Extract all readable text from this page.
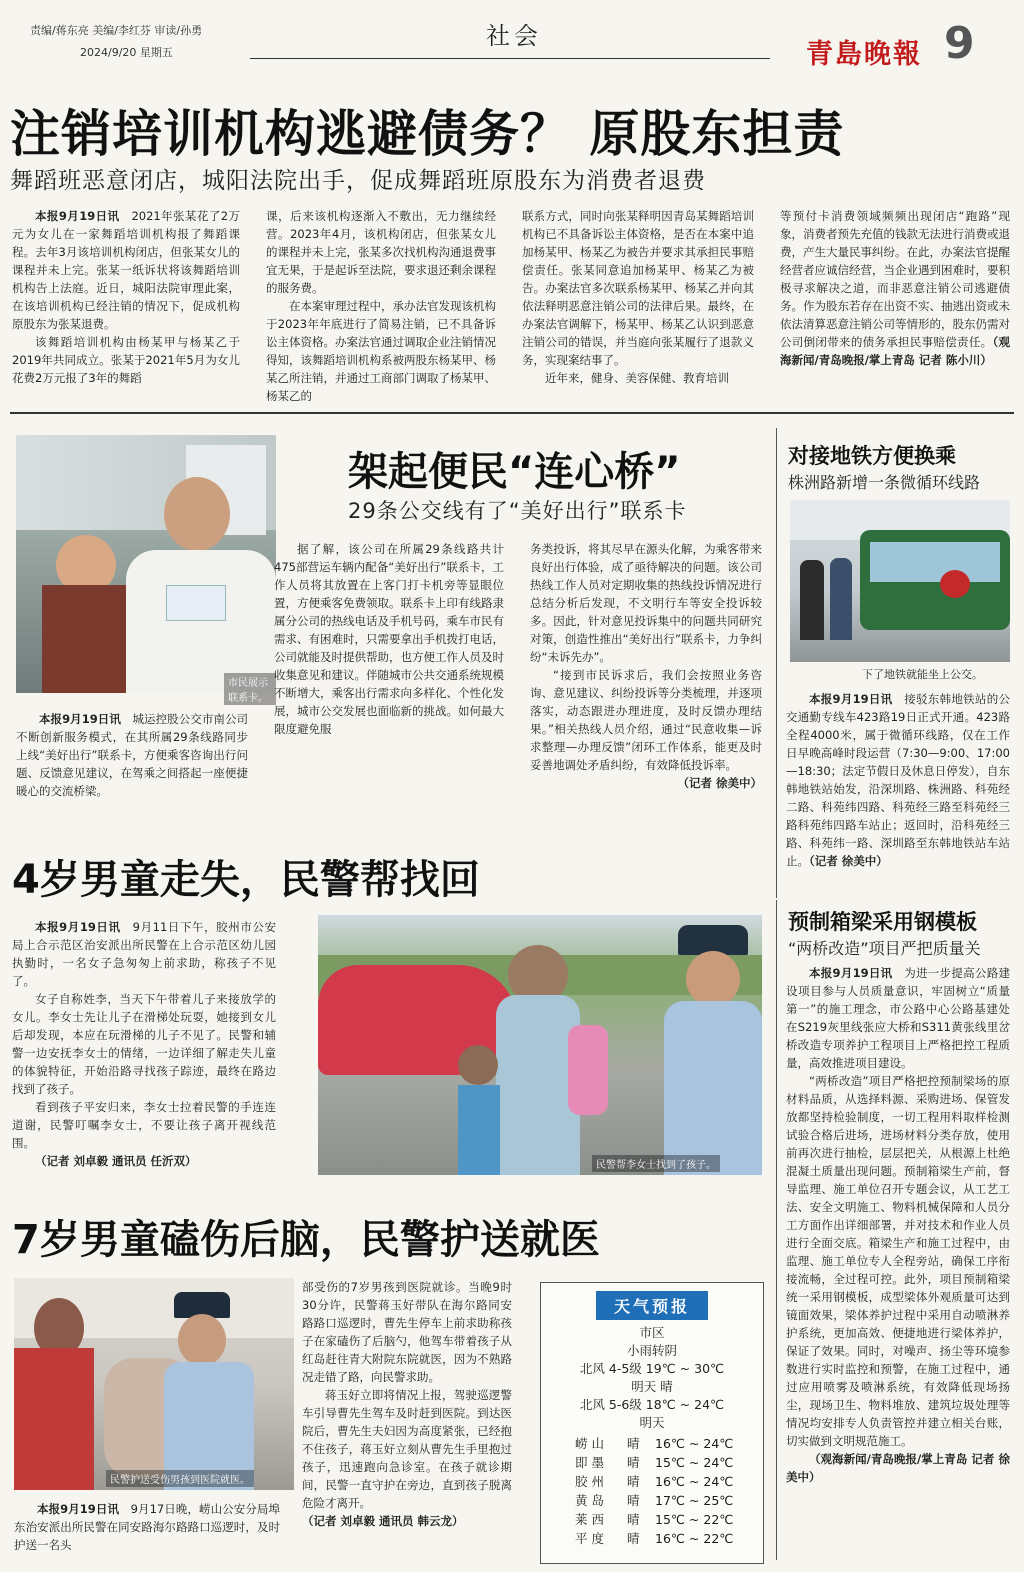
责编/蒋东亮 美编/李红芬 审读/孙勇
2024/9/20 星期五
社会
青島晚報 9
注销培训机构逃避债务？ 原股东担责
舞蹈班恶意闭店，城阳法院出手，促成舞蹈班原股东为消费者退费

本报9月19日讯　 2021年张某花了2万元为女儿在一家舞蹈培训机构报了舞蹈课程。去年3月该培训机构闭店，但张某女儿的课程并未上完。张某一纸诉状将该舞蹈培训机构告上法庭。近日，城阳法院审理此案，在该培训机构已经注销的情况下，促成机构原股东为张某退费。

该舞蹈培训机构由杨某甲与杨某乙于2019年共同成立。张某于2021年5月为女儿花费2万元报了3年的舞蹈

课，后来该机构逐渐入不敷出，无力继续经营。2023年4月，该机构闭店，但张某女儿的课程并未上完，张某多次找机构沟通退费事宜无果，于是起诉至法院，要求退还剩余课程的服务费。

在本案审理过程中，承办法官发现该机构于2023年年底进行了简易注销，已不具备诉讼主体资格。办案法官通过调取企业注销情况得知，该舞蹈培训机构系被两股东杨某甲、杨某乙所注销，并通过工商部门调取了杨某甲、杨某乙的

联系方式，同时向张某释明因青岛某舞蹈培训机构已不具备诉讼主体资格，是否在本案中追加杨某甲、杨某乙为被告并要求其承担民事赔偿责任。张某同意追加杨某甲、杨某乙为被告。办案法官多次联系杨某甲、杨某乙并向其依法释明恶意注销公司的法律后果。最终，在办案法官调解下，杨某甲、杨某乙认识到恶意注销公司的错误，并当庭向张某履行了退款义务，实现案结事了。

近年来，健身、美容保健、教育培训

等预付卡消费领域频频出现闭店“跑路”现象，消费者预先充值的钱款无法进行消费或退费，产生大量民事纠纷。在此，办案法官提醒经营者应诚信经营，当企业遇到困难时，要积极寻求解决之道，而非恶意注销公司逃避债务。作为股东若存在出资不实、抽逃出资或未依法清算恶意注销公司等情形的，股东仍需对公司倒闭带来的债务承担民事赔偿责任。（观海新闻/青岛晚报/掌上青岛 记者 陈小川）

市民展示联系卡。
架起便民“连心桥”
29条公交线有了“美好出行”联系卡

本报9月19日讯　 城运控股公交市南公司不断创新服务模式，在其所属29条线路同步上线“美好出行”联系卡，方便乘客咨询出行问题、反馈意见建议，在驾乘之间搭起一座便捷暖心的交流桥梁。

据了解，该公司在所属29条线路共计475部营运车辆内配备“美好出行”联系卡，工作人员将其放置在上客门打卡机旁等显眼位置，方便乘客免费领取。联系卡上印有线路隶属分公司的热线电话及手机号码，乘车市民有需求、有困难时，只需要拿出手机拨打电话，公司就能及时提供帮助，也方便工作人员及时收集意见和建议。伴随城市公共交通系统规模不断增大，乘客出行需求向多样化、个性化发展，城市公交发展也面临新的挑战。如何最大限度避免服

务类投诉，将其尽早在源头化解，为乘客带来良好出行体验，成了亟待解决的问题。该公司热线工作人员对定期收集的热线投诉情况进行总结分析后发现，不文明行车等安全投诉较多。因此，针对意见投诉集中的问题共同研究对策，创造性推出“美好出行”联系卡，力争纠纷“未诉先办”。

“接到市民诉求后，我们会按照业务咨询、意见建议、纠纷投诉等分类梳理，并逐项落实，动态跟进办理进度，及时反馈办理结果。”相关热线人员介绍，通过“民意收集—诉求整理—办理反馈”闭环工作体系，能更及时妥善地调处矛盾纠纷，有效降低投诉率。

（记者 徐美中）

对接地铁方便换乘
株洲路新增一条微循环线路
下了地铁就能坐上公交。

本报9月19日讯　 接驳东韩地铁站的公交通勤专线车423路19日正式开通。423路全程4000米，属于微循环线路，仅在工作日早晚高峰时段运营（7:30—9:00、17:00—18:30；法定节假日及休息日停发），自东韩地铁站始发，沿深圳路、株洲路、科苑经二路、科苑纬四路、科苑经三路至科苑经三路科苑纬四路车站止；返回时，沿科苑经三路、科苑纬一路、深圳路至东韩地铁站车站止。（记者 徐美中）

4岁男童走失，民警帮找回

本报9月19日讯　 9月11日下午，胶州市公安局上合示范区治安派出所民警在上合示范区幼儿园执勤时，一名女子急匆匆上前求助，称孩子不见了。

女子自称姓李，当天下午带着儿子来接放学的女儿。李女士先让儿子在滑梯处玩耍，她接到女儿后却发现，本应在玩滑梯的儿子不见了。民警和辅警一边安抚李女士的情绪，一边详细了解走失儿童的体貌特征，开始沿路寻找孩子踪迹，最终在路边找到了孩子。

看到孩子平安归来，李女士拉着民警的手连连道谢，民警叮嘱李女士，不要让孩子离开视线范围。

（记者 刘卓毅 通讯员 任沂双）	民警帮李女士找到了孩子。
预制箱梁采用钢模板
“两桥改造”项目严把质量关

本报9月19日讯　 为进一步提高公路建设项目参与人员质量意识，牢固树立“质量第一”的施工理念，市公路中心公路基建处在S219灰里线张应大桥和S311黄张线里岔桥改造专项养护工程项目上严格把控工程质量，高效推进项目建设。

“两桥改造”项目严格把控预制梁场的原材料品质，从选择料源、采购进场、保管发放都坚持检验制度，一切工程用料取样检测试验合格后进场，进场材料分类存放，使用前再次进行抽检，层层把关，从根源上杜绝混凝土质量出现问题。预制箱梁生产前，督导监理、施工单位召开专题会议，从工艺工法、安全文明施工、物料机械保障和人员分工方面作出详细部署，并对技术和作业人员进行全面交底。箱梁生产和施工过程中，由监理、施工单位专人全程旁站，确保工序衔接流畅，全过程可控。此外，项目预制箱梁统一采用钢模板，成型梁体外观质量可达到镜面效果，梁体养护过程中采用自动喷淋养护系统，更加高效、便捷地进行梁体养护，保证了效果。同时，对噪声、扬尘等环境参数进行实时监控和预警，在施工过程中，通过应用喷雾及喷淋系统，有效降低现场扬尘，现场卫生、物料堆放、建筑垃圾处理等情况均安排专人负责管控并建立相关台账，切实做到文明规范施工。

（观海新闻/青岛晚报/掌上青岛 记者 徐美中）

7岁男童磕伤后脑，民警护送就医
民警护送受伤男孩到医院就医。

本报9月19日讯　 9月17日晚，崂山公安分局埠东治安派出所民警在同安路海尔路路口巡逻时，及时护送一名头

部受伤的7岁男孩到医院就诊。当晚9时30分许，民警蒋玉好带队在海尔路同安路路口巡逻时，曹先生停车上前求助称孩子在家磕伤了后脑勺，他驾车带着孩子从红岛赶往青大附院东院就医，因为不熟路况走错了路，向民警求助。

蒋玉好立即将情况上报，驾驶巡逻警车引导曹先生驾车及时赶到医院。到达医院后，曹先生夫妇因为高度紧张，已经抱不住孩子，蒋玉好立刻从曹先生手里抱过孩子，迅速跑向急诊室。在孩子就诊期间，民警一直守护在旁边，直到孩子脱离危险才离开。

（记者 刘卓毅 通讯员 韩云龙）

天气预报
市区
小雨转阴
北风 4-5级 19℃ ~ 30℃
明天 晴
北风 5-6级 18℃ ~ 24℃
明天
崂 山 晴 16℃ ~ 24℃
即 墨 晴 15℃ ~ 24℃
胶 州 晴 16℃ ~ 24℃
黄 岛 晴 17℃ ~ 25℃
莱 西 晴 15℃ ~ 22℃
平 度 晴 16℃ ~ 22℃
